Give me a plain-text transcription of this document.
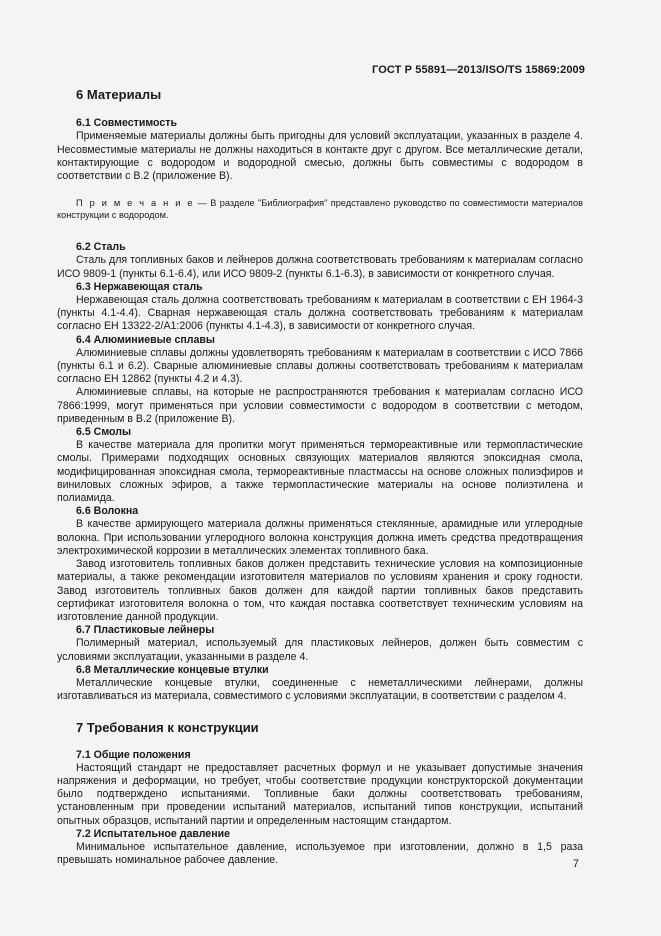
ГОСТ Р 55891—2013/ISO/TS 15869:2009
6 Материалы
6.1 Совместимость

Применяемые материалы должны быть пригодны для условий эксплуатации, указанных в разделе 4. Несовместимые материалы не должны находиться в контакте друг с другом. Все металлические детали, контактирующие с водородом и водородной смесью, должны быть совместимы с водородом в соответствии с В.2 (приложение В).

П р и м е ч а н и е — В разделе "Библиография" представлено руководство по совместимости материалов конструкции с водородом.

6.2 Сталь

Сталь для топливных баков и лейнеров должна соответствовать требованиям к материалам согласно ИСО 9809-1 (пункты 6.1-6.4), или ИСО 9809-2 (пункты 6.1-6.3), в зависимости от конкретного случая.

6.3 Нержавеющая сталь

Нержавеющая сталь должна соответствовать требованиям к материалам в соответствии с ЕН 1964-3 (пункты 4.1-4.4). Сварная нержавеющая сталь должна соответствовать требованиям к материалам согласно ЕН 13322-2/А1:2006 (пункты 4.1-4.3), в зависимости от конкретного случая.

6.4 Алюминиевые сплавы

Алюминиевые сплавы должны удовлетворять требованиям к материалам в соответствии с ИСО 7866 (пункты 6.1 и 6.2). Сварные алюминиевые сплавы должны соответствовать требованиям к материалам согласно ЕН 12862 (пункты 4.2 и 4.3).

Алюминиевые сплавы, на которые не распространяются требования к материалам согласно ИСО 7866:1999, могут применяться при условии совместимости с водородом в соответствии с методом, приведенным в В.2 (приложение В).

6.5 Смолы

В качестве материала для пропитки могут применяться термореактивные или термопластические смолы. Примерами подходящих основных связующих материалов являются эпоксидная смола, модифицированная эпоксидная смола, термореактивные пластмассы на основе сложных полиэфиров и виниловых сложных эфиров, а также термопластические материалы на основе полиэтилена и полиамида.

6.6 Волокна

В качестве армирующего материала должны применяться стеклянные, арамидные или углеродные волокна. При использовании углеродного волокна конструкция должна иметь средства предотвращения электрохимической коррозии в металлических элементах топливного бака.

Завод изготовитель топливных баков должен представить технические условия на композиционные материалы, а также рекомендации изготовителя материалов по условиям хранения и сроку годности. Завод изготовитель топливных баков должен для каждой партии топливных баков представить сертификат изготовителя волокна о том, что каждая поставка соответствует техническим условиям на изготовление данной продукции.

6.7 Пластиковые лейнеры

Полимерный материал, используемый для пластиковых лейнеров, должен быть совместим с условиями эксплуатации, указанными в разделе 4.

6.8 Металлические концевые втулки

Металлические концевые втулки, соединенные с неметаллическими лейнерами, должны изготавливаться из материала, совместимого с условиями эксплуатации, в соответствии с разделом 4.

7 Требования к конструкции
7.1 Общие положения

Настоящий стандарт не предоставляет расчетных формул и не указывает допустимые значения напряжения и деформации, но требует, чтобы соответствие продукции конструкторской документации было подтверждено испытаниями. Топливные баки должны соответствовать требованиям, установленным при проведении испытаний материалов, испытаний типов конструкции, испытаний опытных образцов, испытаний партии и определенным настоящим стандартом.

7.2 Испытательное давление

Минимальное испытательное давление, используемое при изготовлении, должно в 1,5 раза превышать номинальное рабочее давление.	7
